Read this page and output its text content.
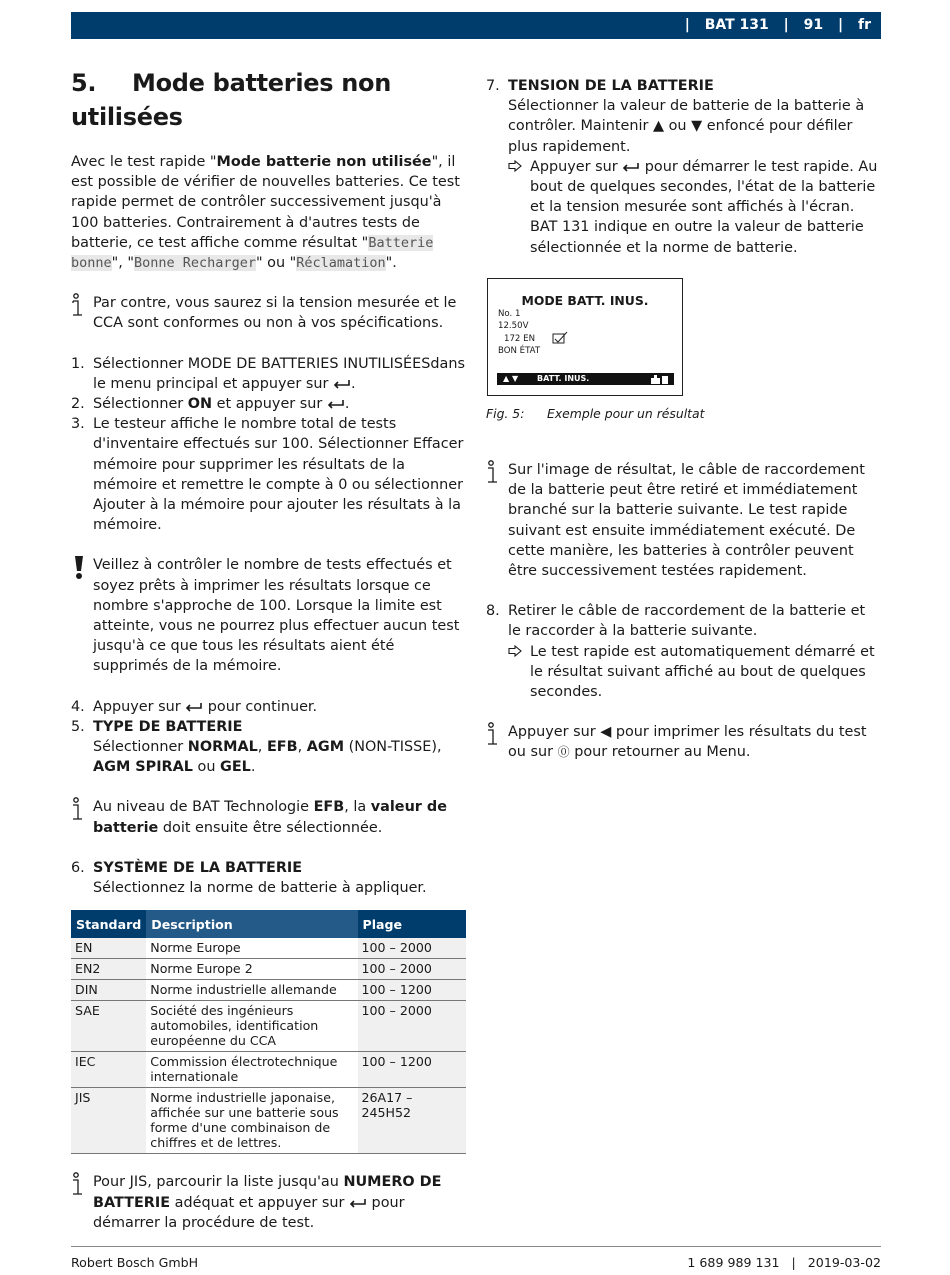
| BAT 131 | 91 | fr
5. Mode batteries non utilisées

Avec le test rapide "Mode batterie non utilisée", il est possible de vérifier de nouvelles batteries. Ce test rapide permet de contrôler successivement jusqu'à 100 batteries. Contrairement à d'autres tests de batterie, ce test affiche comme résultat "Batterie bonne", "Bonne Recharger" ou "Réclamation".

Par contre, vous saurez si la tension mesurée et le CCA sont conformes ou non à vos spécifications.

1. Sélectionner MODE DE BATTERIES INUTILISÉESdans le menu principal et appuyer sur .
2. Sélectionner ON et appuyer sur .
3. Le testeur affiche le nombre total de tests d'inventaire effectués sur 100. Sélectionner Effacer mémoire pour supprimer les résultats de la mémoire et remettre le compte à 0 ou sélectionner Ajouter à la mémoire pour ajouter les résultats à la mémoire.

Veillez à contrôler le nombre de tests effectués et soyez prêts à imprimer les résultats lorsque ce nombre s'approche de 100. Lorsque la limite est atteinte, vous ne pourrez plus effectuer aucun test jusqu'à ce que tous les résultats aient été supprimés de la mémoire.

4. Appuyer sur  pour continuer.
5. TYPE DE BATTERIE
Sélectionner NORMAL, EFB, AGM (NON-TISSE),
AGM SPIRAL ou GEL.

Au niveau de BAT Technologie EFB, la valeur de batterie doit ensuite être sélectionnée.

6. SYSTÈME DE LA BATTERIE
Sélectionnez la norme de batterie à appliquer.
Standard	Description	Plage
EN	Norme Europe	100 – 2000
EN2	Norme Europe 2	100 – 2000
DIN	Norme industrielle allemande	100 – 1200
SAE	Société des ingénieurs automobiles, identification européenne du CCA	100 – 2000
IEC	Commission électrotechnique internationale	100 – 1200
JIS	Norme industrielle japonaise, affichée sur une batterie sous forme d'une combinaison de chiffres et de lettres.	26A17 – 245H52

Pour JIS, parcourir la liste jusqu'au NUMERO DE BATTERIE adéquat et appuyer sur  pour démarrer la procédure de test.

7. TENSION DE LA BATTERIE
Sélectionner la valeur de batterie de la batterie à contrôler. Maintenir ▲ ou ▼ enfoncé pour défiler plus rapidement.
Appuyer sur  pour démarrer le test rapide. Au bout de quelques secondes, l'état de la batterie et la tension mesurée sont affichés à l'écran. BAT 131 indique en outre la valeur de batterie sélectionnée et la norme de batterie.
MODE BATT. INUS.
No. 1
12.50V
172 EN
BON ÉTAT
▲ ▼ BATT. INUS.

Fig. 5: Exemple pour un résultat

Sur l'image de résultat, le câble de raccordement de la batterie peut être retiré et immédiatement branché sur la batterie suivante. Le test rapide suivant est ensuite immédiatement exécuté. De cette manière, les batteries à contrôler peuvent être successivement testées rapidement.

8. Retirer le câble de raccordement de la batterie et le raccorder à la batterie suivante.
Le test rapide est automatiquement démarré et le résultat suivant affiché au bout de quelques secondes.

Appuyer sur ◀ pour imprimer les résultats du test ou sur ⓪ pour retourner au Menu.

Robert Bosch GmbH	1 689 989 131 | 2019-03-02
